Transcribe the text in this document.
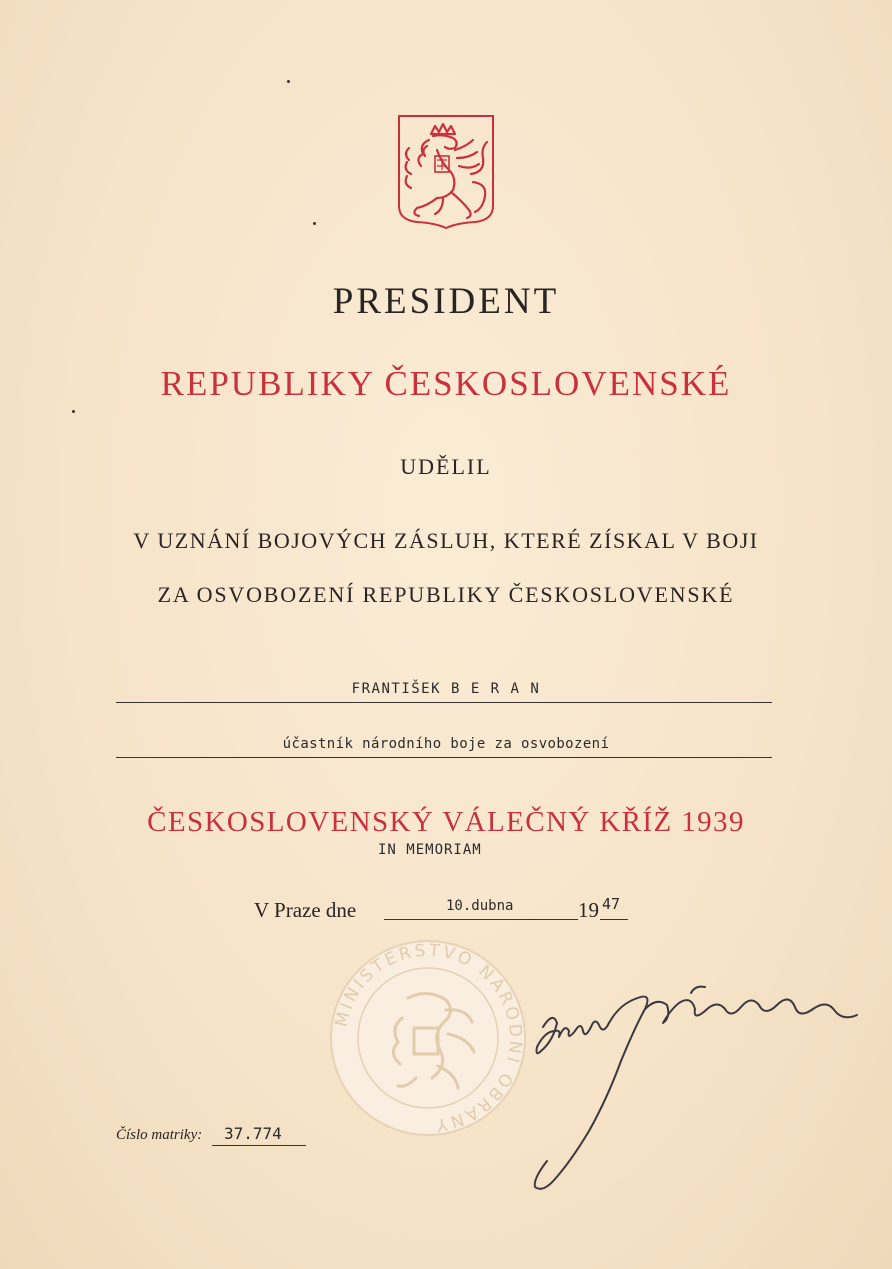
PRESIDENT
REPUBLIKY ČESKOSLOVENSKÉ
UDĚLIL
V UZNÁNÍ BOJOVÝCH ZÁSLUH, KTERÉ ZÍSKAL V BOJI
ZA OSVOBOZENÍ REPUBLIKY ČESKOSLOVENSKÉ
FRANTIŠEK B E R A N
účastník národního boje za osvobození
ČESKOSLOVENSKÝ VÁLEČNÝ KŘÍŽ 1939
IN MEMORIAM
V Praze dne	10.dubna	19 47
MINISTERSTVO NÁRODNÍ OBRANY
Číslo matriky: 37.774
